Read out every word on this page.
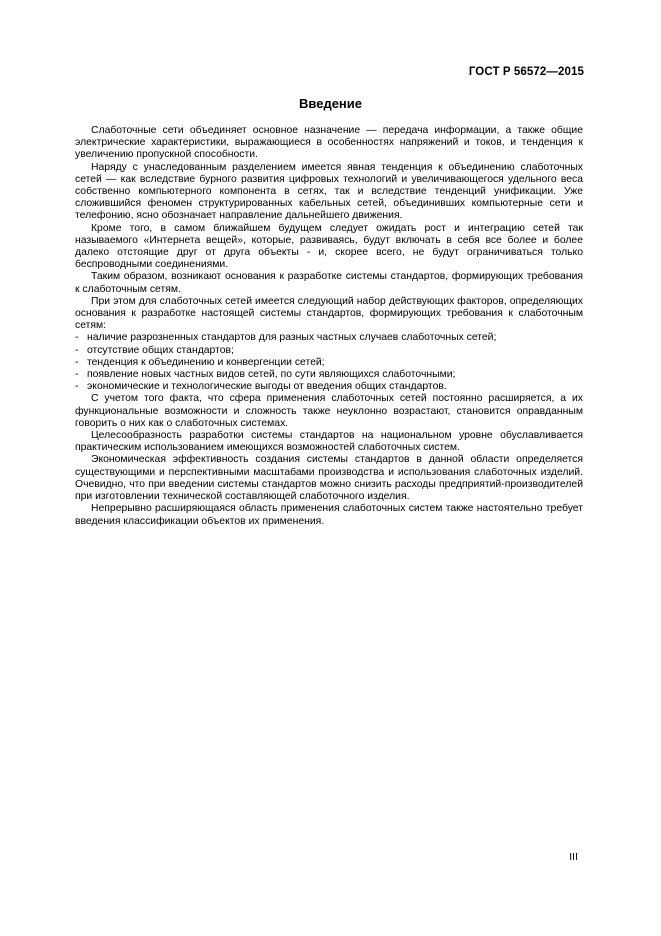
ГОСТ Р 56572—2015
Введение

Слаботочные сети объединяет основное назначение — передача информации, а также общие электрические характеристики, выражающиеся в особенностях напряжений и токов, и тенденция к увеличению пропускной способности.

Наряду с унаследованным разделением имеется явная тенденция к объединению слаботочных сетей — как вследствие бурного развития цифровых технологий и увеличивающегося удельного веса собственно компьютерного компонента в сетях, так и вследствие тенденций унификации. Уже сложившийся феномен структурированных кабельных сетей, объединивших компьютерные сети и телефонию, ясно обозначает направление дальнейшего движения.

Кроме того, в самом ближайшем будущем следует ожидать рост и интеграцию сетей так называемого «Интернета вещей», которые, развиваясь, будут включать в себя все более и более далеко отстоящие друг от друга объекты - и, скорее всего, не будут ограничиваться только беспроводными соединениями.

Таким образом, возникают основания к разработке системы стандартов, формирующих требования к слаботочным сетям.

При этом для слаботочных сетей имеется следующий набор действующих факторов, определяющих основания к разработке настоящей системы стандартов, формирующих требования к слаботочным сетям:

- наличие разрозненных стандартов для разных частных случаев слаботочных сетей;
- отсутствие общих стандартов;
- тенденция к объединению и конвергенции сетей;
- появление новых частных видов сетей, по сути являющихся слаботочными;
- экономические и технологические выгоды от введения общих стандартов.

С учетом того факта, что сфера применения слаботочных сетей постоянно расширяется, а их функциональные возможности и сложность также неуклонно возрастают, становится оправданным говорить о них как о слаботочных системах.

Целесообразность разработки системы стандартов на национальном уровне обуславливается практическим использованием имеющихся возможностей слаботочных систем.

Экономическая эффективность создания системы стандартов в данной области определяется существующими и перспективными масштабами производства и использования слаботочных изделий. Очевидно, что при введении системы стандартов можно снизить расходы предприятий-производителей при изготовлении технической составляющей слаботочного изделия.

Непрерывно расширяющаяся область применения слаботочных систем также настоятельно требует введения классификации объектов их применения.

III
